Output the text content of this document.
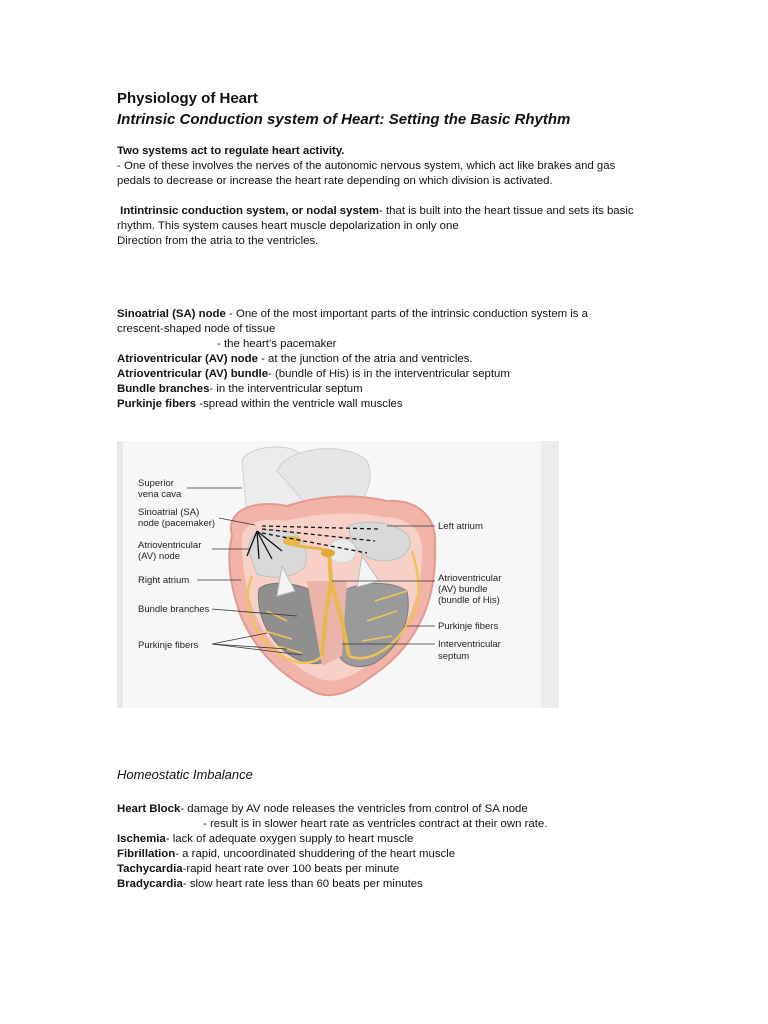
Physiology of Heart
Intrinsic Conduction system of Heart: Setting the Basic Rhythm

Two systems act to regulate heart activity.

- One of these involves the nerves of the autonomic nervous system, which act like brakes and gas

pedals to decrease or increase the heart rate depending on which division is activated.

Intintrinsic conduction system, or nodal system- that is built into the heart tissue and sets its basic

rhythm. This system causes heart muscle depolarization in only one

Direction from the atria to the ventricles.

Sinoatrial (SA) node - One of the most important parts of the intrinsic conduction system is a

crescent-shaped node of tissue

- the heart’s pacemaker

Atrioventricular (AV) node - at the junction of the atria and ventricles.

Atrioventricular (AV) bundle- (bundle of His) is in the interventricular septum

Bundle branches- in the interventricular septum

Purkinje fibers -spread within the ventricle wall muscles

Superior
vena cava
Sinoatrial (SA)
node (pacemaker)
Atrioventricular
(AV) node
Right atrium
Bundle branches
Purkinje fibers
Left atrium
Atrioventricular
(AV) bundle
(bundle of His)
Purkinje fibers
Interventricular
septum
Homeostatic Imbalance

Heart Block- damage by AV node releases the ventricles from control of SA node

- result is in slower heart rate as ventricles contract at their own rate.

Ischemia- lack of adequate oxygen supply to heart muscle

Fibrillation- a rapid, uncoordinated shuddering of the heart muscle

Tachycardia-rapid heart rate over 100 beats per minute

Bradycardia- slow heart rate less than 60 beats per minutes
